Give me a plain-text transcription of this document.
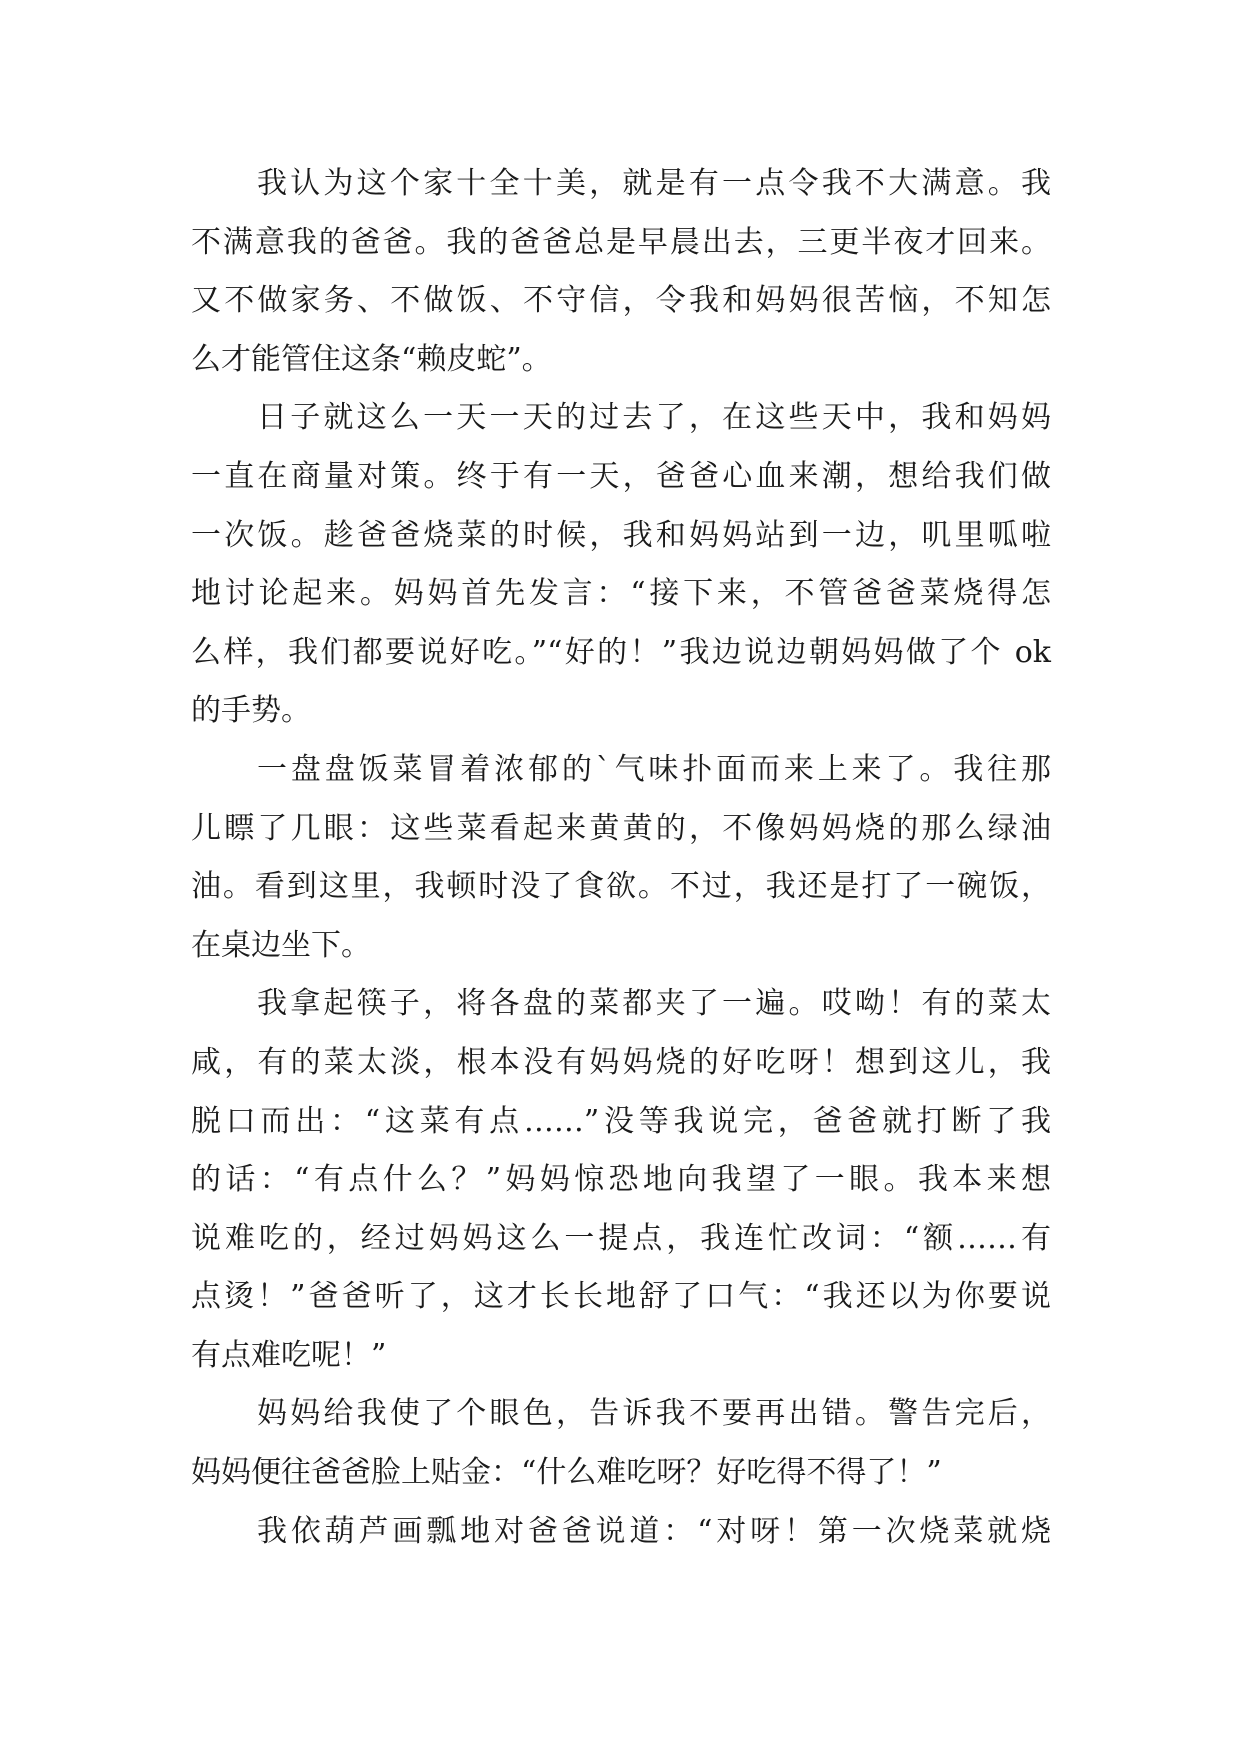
我认为这个家十全十美，就是有一点令我不大满意。我
不满意我的爸爸。我的爸爸总是早晨出去，三更半夜才回来。
又不做家务、不做饭、不守信，令我和妈妈很苦恼，不知怎
么才能管住这条“赖皮蛇”。
日子就这么一天一天的过去了，在这些天中，我和妈妈
一直在商量对策。终于有一天，爸爸心血来潮，想给我们做
一次饭。趁爸爸烧菜的时候，我和妈妈站到一边，叽里呱啦
地讨论起来。妈妈首先发言：“接下来，不管爸爸菜烧得怎
么样，我们都要说好吃。”“好的！”我边说边朝妈妈做了个 ok
的手势。
一盘盘饭菜冒着浓郁的`气味扑面而来上来了。我往那
儿瞟了几眼：这些菜看起来黄黄的，不像妈妈烧的那么绿油
油。看到这里，我顿时没了食欲。不过，我还是打了一碗饭，
在桌边坐下。
我拿起筷子，将各盘的菜都夹了一遍。哎呦！有的菜太
咸，有的菜太淡，根本没有妈妈烧的好吃呀！想到这儿，我
脱口而出：“这菜有点……”没等我说完，爸爸就打断了我
的话：“有点什么？”妈妈惊恐地向我望了一眼。我本来想
说难吃的，经过妈妈这么一提点，我连忙改词：“额……有
点烫！”爸爸听了，这才长长地舒了口气：“我还以为你要说
有点难吃呢！”
妈妈给我使了个眼色，告诉我不要再出错。警告完后，
妈妈便往爸爸脸上贴金：“什么难吃呀？好吃得不得了！”
我依葫芦画瓢地对爸爸说道：“对呀！第一次烧菜就烧
